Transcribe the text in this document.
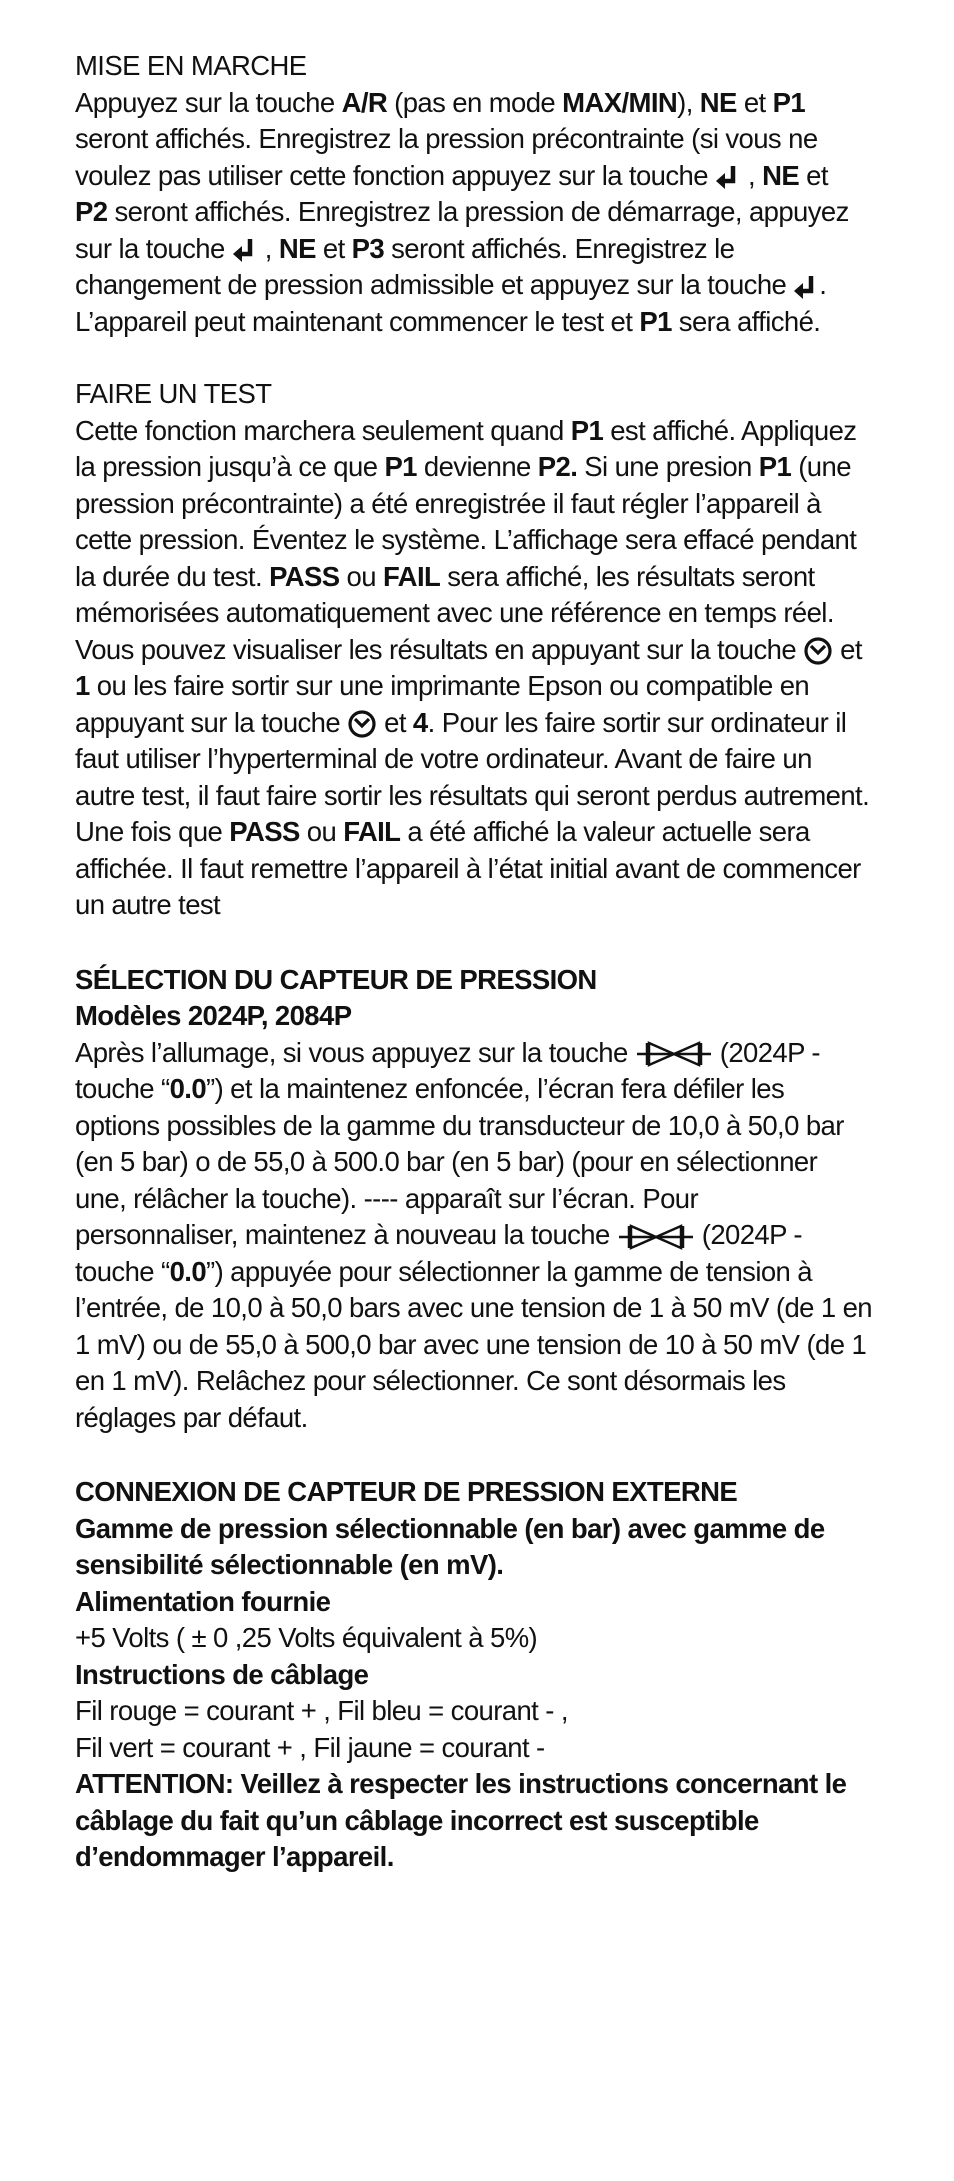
MISE EN MARCHE
Appuyez sur la touche A/R (pas en mode MAX/MIN), NE et P1
seront affichés. Enregistrez la pression précontrainte (si vous ne
voulez pas utiliser cette fonction appuyez sur la touche
, NE et
P2 seront affichés. Enregistrez la pression de démarrage, appuyez
sur la touche
, NE et P3 seront affichés. Enregistrez le
changement de pression admissible et appuyez sur la touche
.
L’appareil peut maintenant commencer le test et P1 sera affiché.
FAIRE UN TEST
Cette fonction marchera seulement quand P1 est affiché. Appliquez
la pression jusqu’à ce que P1 devienne P2. Si une presion P1 (une
pression précontrainte) a été enregistrée il faut régler l’appareil à
cette pression. Éventez le système. L’affichage sera effacé pendant
la durée du test. PASS ou FAIL sera affiché, les résultats seront
mémorisées automatiquement avec une référence en temps réel.
Vous pouvez visualiser les résultats en appuyant sur la touche
et
1 ou les faire sortir sur une imprimante Epson ou compatible en
appuyant sur la touche
et 4. Pour les faire sortir sur ordinateur il
faut utiliser l’hyperterminal de votre ordinateur. Avant de faire un
autre test, il faut faire sortir les résultats qui seront perdus autrement.
Une fois que PASS ou FAIL a été affiché la valeur actuelle sera
affichée. Il faut remettre l’appareil à l’état initial avant de commencer
un autre test
SÉLECTION DU CAPTEUR DE PRESSION
Modèles 2024P, 2084P
Après l’allumage, si vous appuyez sur la touche	(2024P -
touche “0.0”) et la maintenez enfoncée, l’écran fera défiler les
options possibles de la gamme du transducteur de 10,0 à 50,0 bar
(en 5 bar) o de 55,0 à 500.0 bar (en 5 bar) (pour en sélectionner
une, rélâcher la touche). ---- apparaît sur l’écran. Pour
personnaliser, maintenez à nouveau la touche	(2024P -
touche “0.0”) appuyée pour sélectionner la gamme de tension à
l’entrée, de 10,0 à 50,0 bars avec une tension de 1 à 50 mV (de 1 en
1 mV) ou de 55,0 à 500,0 bar avec une tension de 10 à 50 mV (de 1
en 1 mV). Relâchez pour sélectionner. Ce sont désormais les
réglages par défaut.
CONNEXION DE CAPTEUR DE PRESSION EXTERNE
Gamme de pression sélectionnable (en bar) avec gamme de
sensibilité sélectionnable (en mV).
Alimentation fournie
+5 Volts ( ± 0 ,25 Volts équivalent à 5%)
Instructions de câblage
Fil rouge = courant + , Fil bleu = courant - ,
Fil vert = courant + , Fil jaune = courant -
ATTENTION: Veillez à respecter les instructions concernant le
câblage du fait qu’un câblage incorrect est susceptible
d’endommager l’appareil.
